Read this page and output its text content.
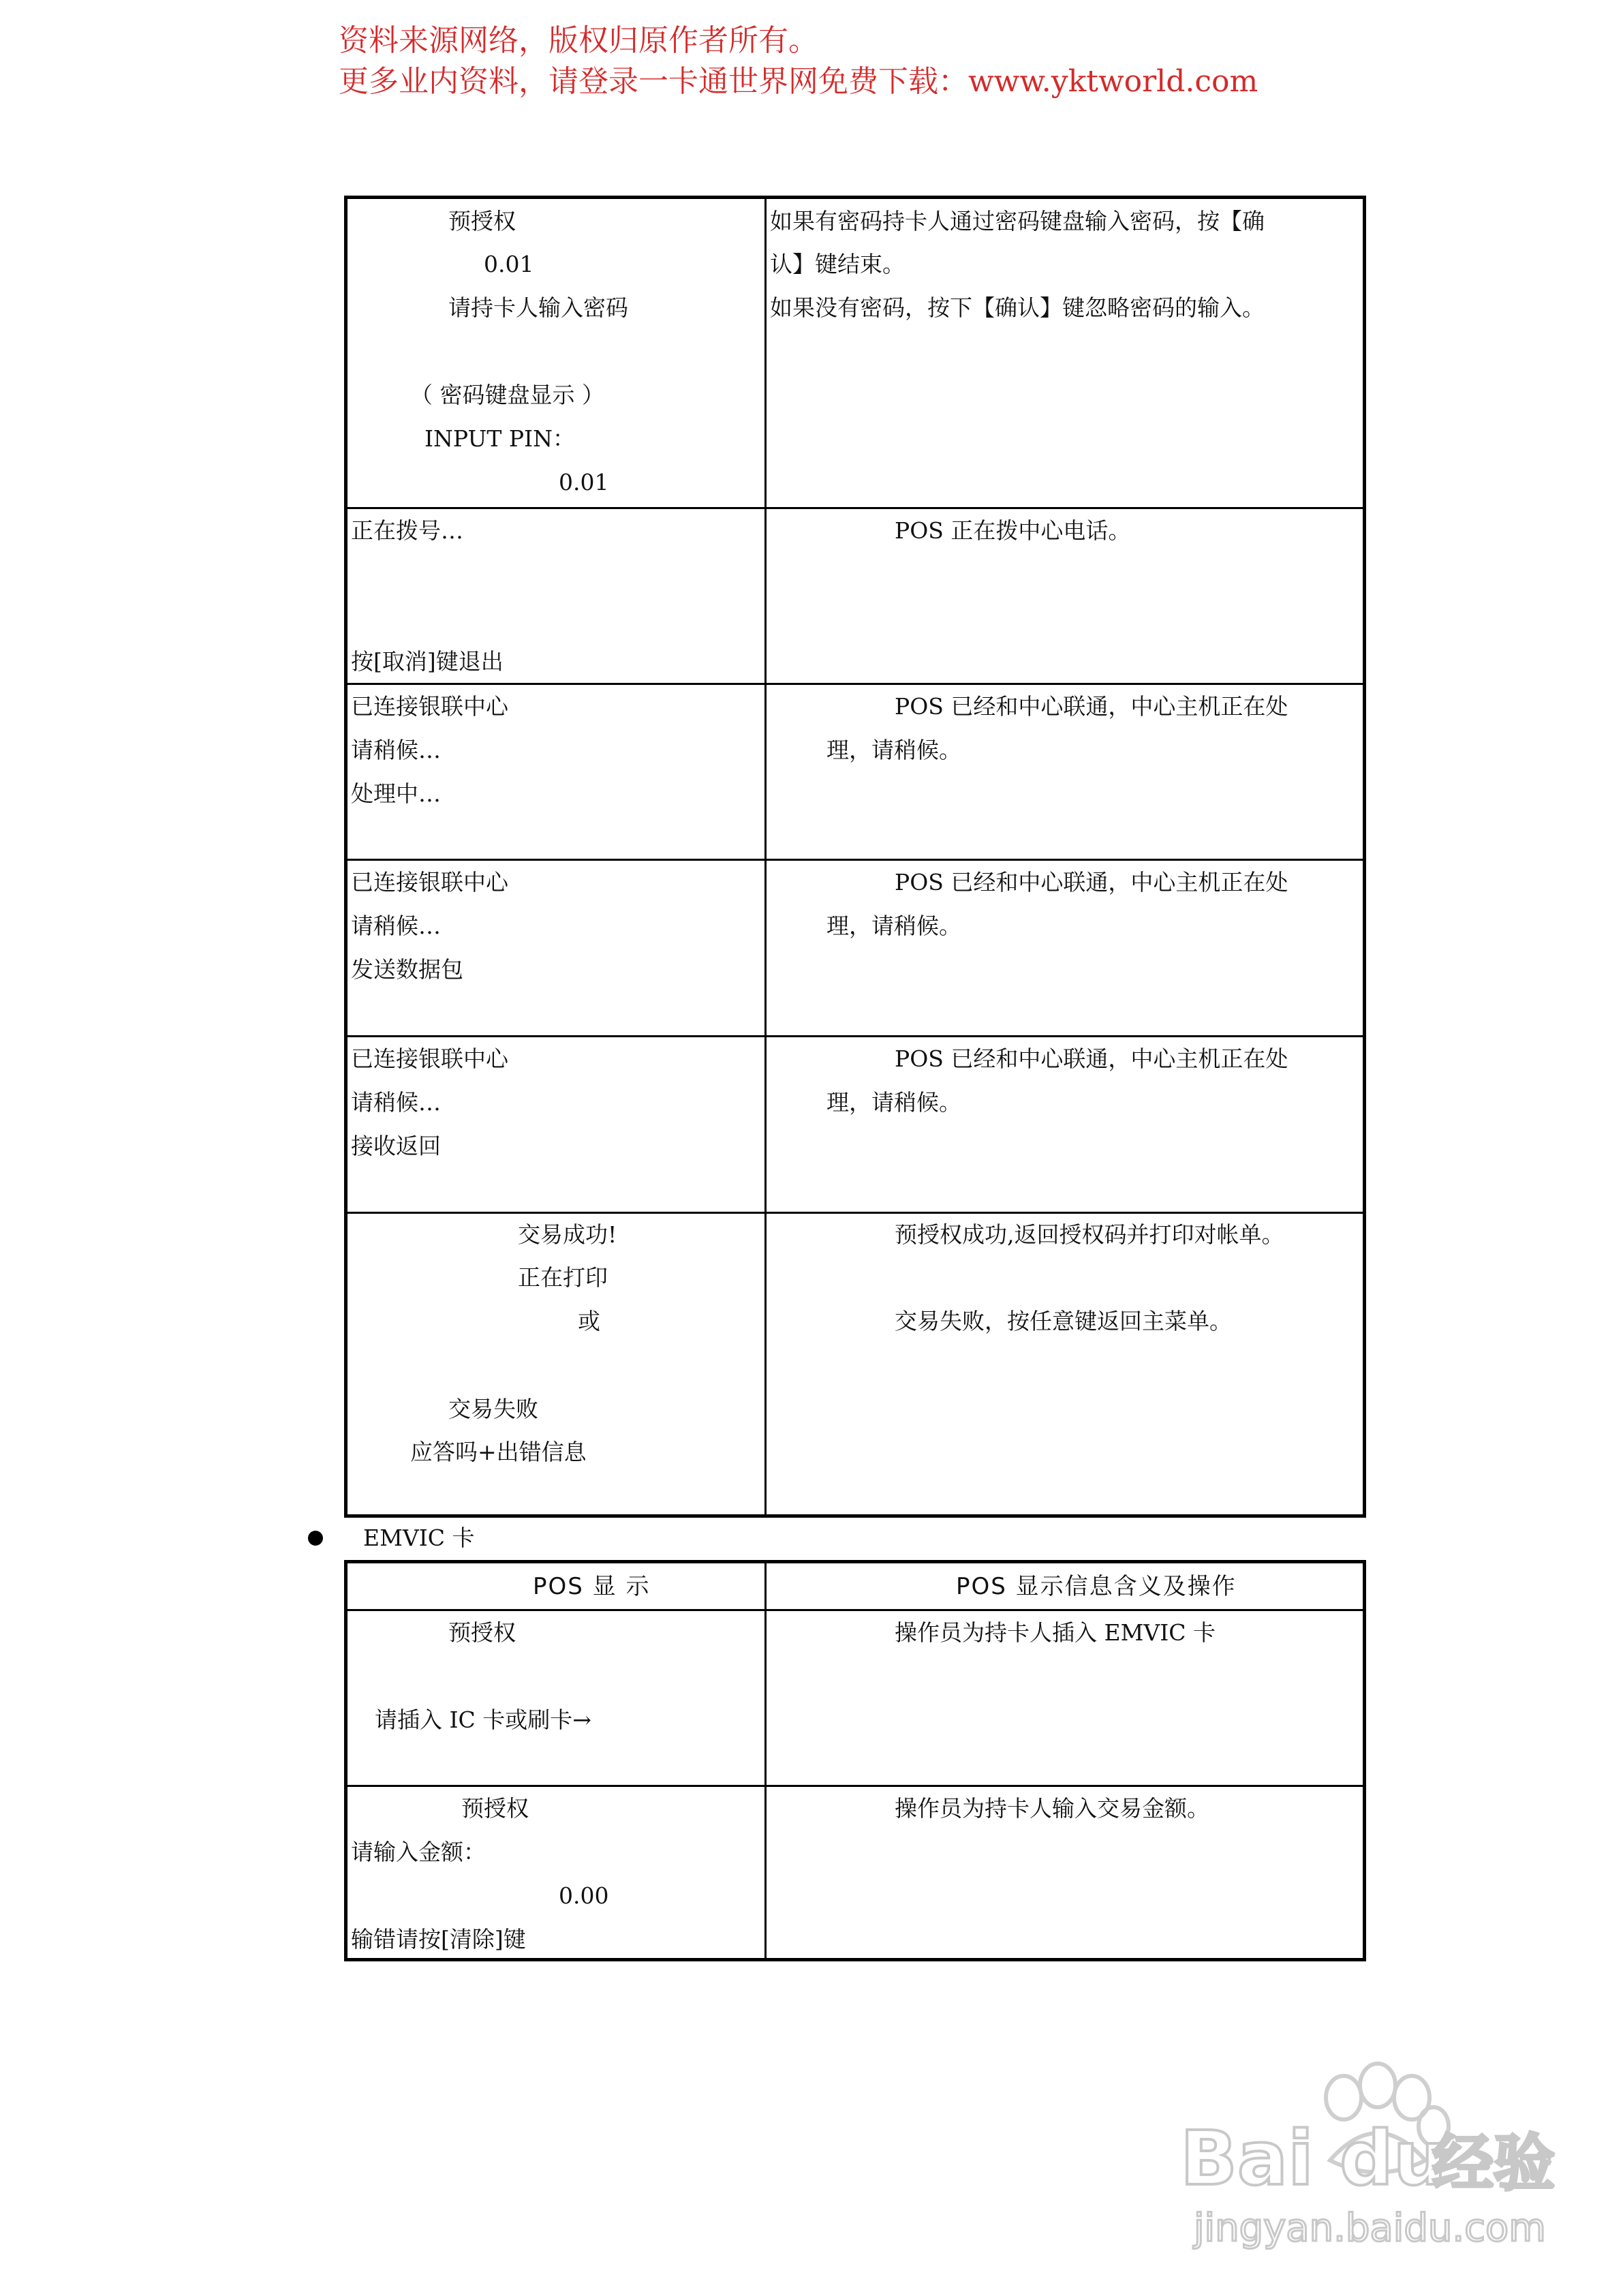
资料来源网络，版权归原作者所有。
更多业内资料，请登录一卡通世界网免费下载：www.yktworld.com
预授权
0.01
请持卡人输入密码
（ 密码键盘显示 ）
INPUT PIN：
0.01
如果有密码持卡人通过密码键盘输入密码，按【确
认】键结束。
如果没有密码，按下【确认】键忽略密码的输入。
正在拨号…
按[取消]键退出
POS 正在拨中心电话。
已连接银联中心
请稍候…
处理中…
POS 已经和中心联通，中心主机正在处
理，请稍候。
已连接银联中心
请稍候…
发送数据包
POS 已经和中心联通，中心主机正在处
理，请稍候。
已连接银联中心
请稍候…
接收返回
POS 已经和中心联通，中心主机正在处
理，请稍候。
交易成功!
正在打印
或
交易失败
应答吗+出错信息
预授权成功,返回授权码并打印对帐单。
交易失败，按任意键返回主菜单。
EMVIC 卡
POS 显 示	POS 显示信息含义及操作
预授权
请插入 IC 卡或刷卡→
操作员为持卡人插入 EMVIC 卡
预授权
请输入金额：
0.00
输错请按[清除]键
操作员为持卡人输入交易金额。
Bai du
经验
jingyan.baidu.com
